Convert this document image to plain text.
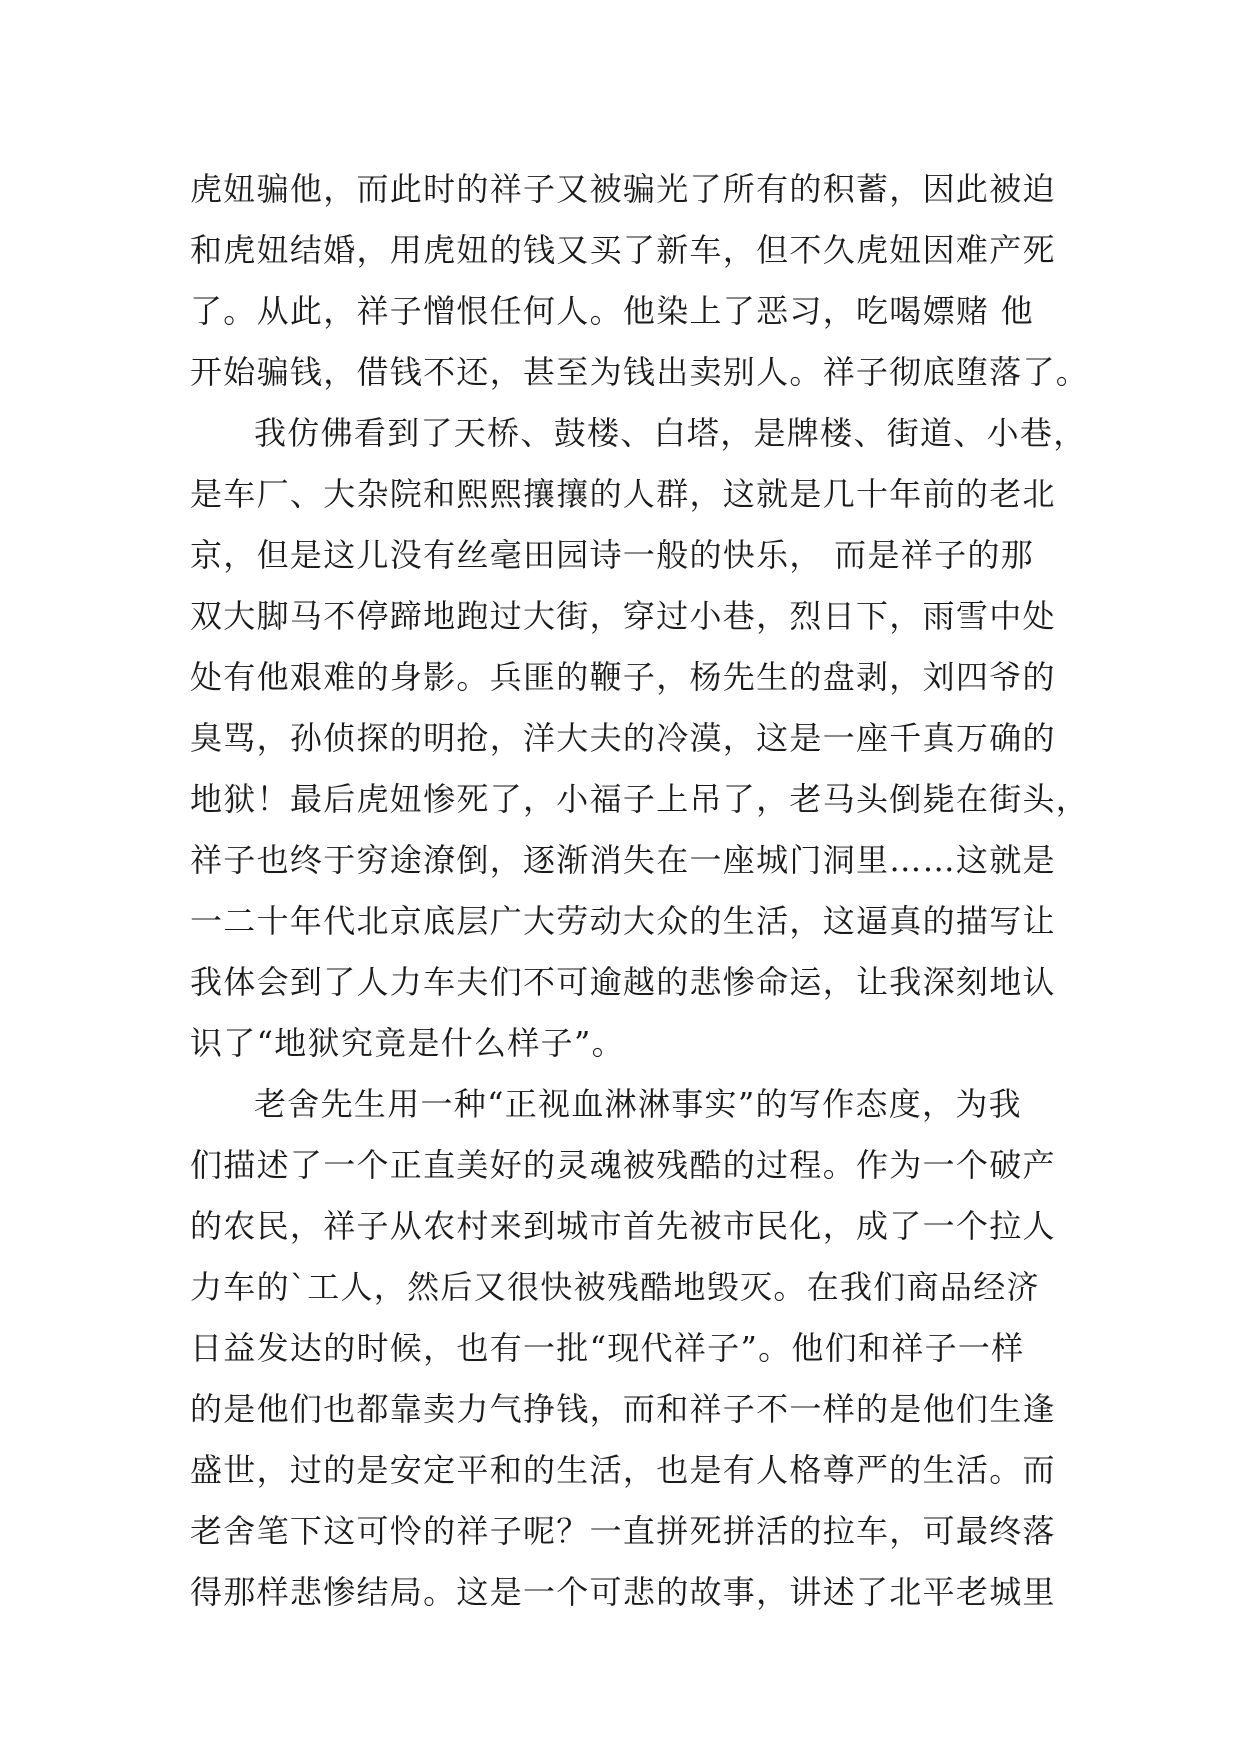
虎妞骗他，而此时的祥子又被骗光了所有的积蓄，因此被迫
和虎妞结婚，用虎妞的钱又买了新车，但不久虎妞因难产死
了。从此，祥子憎恨任何人。他染上了恶习，吃喝嫖赌 他
开始骗钱，借钱不还，甚至为钱出卖别人。祥子彻底堕落了。
我仿佛看到了天桥、鼓楼、白塔，是牌楼、街道、小巷，
是车厂、大杂院和熙熙攘攘的人群，这就是几十年前的老北
京，但是这儿没有丝毫田园诗一般的快乐， 而是祥子的那
双大脚马不停蹄地跑过大街，穿过小巷，烈日下，雨雪中处
处有他艰难的身影。兵匪的鞭子，杨先生的盘剥，刘四爷的
臭骂，孙侦探的明抢，洋大夫的冷漠，这是一座千真万确的
地狱！最后虎妞惨死了，小福子上吊了，老马头倒毙在街头，
祥子也终于穷途潦倒，逐渐消失在一座城门洞里……这就是
一二十年代北京底层广大劳动大众的生活，这逼真的描写让
我体会到了人力车夫们不可逾越的悲惨命运，让我深刻地认
识了“地狱究竟是什么样子”。
老舍先生用一种“正视血淋淋事实”的写作态度，为我
们描述了一个正直美好的灵魂被残酷的过程。作为一个破产
的农民，祥子从农村来到城市首先被市民化，成了一个拉人
力车的`工人，然后又很快被残酷地毁灭。在我们商品经济
日益发达的时候，也有一批“现代祥子”。他们和祥子一样
的是他们也都靠卖力气挣钱，而和祥子不一样的是他们生逢
盛世，过的是安定平和的生活，也是有人格尊严的生活。而
老舍笔下这可怜的祥子呢？一直拼死拼活的拉车，可最终落
得那样悲惨结局。这是一个可悲的故事，讲述了北平老城里
